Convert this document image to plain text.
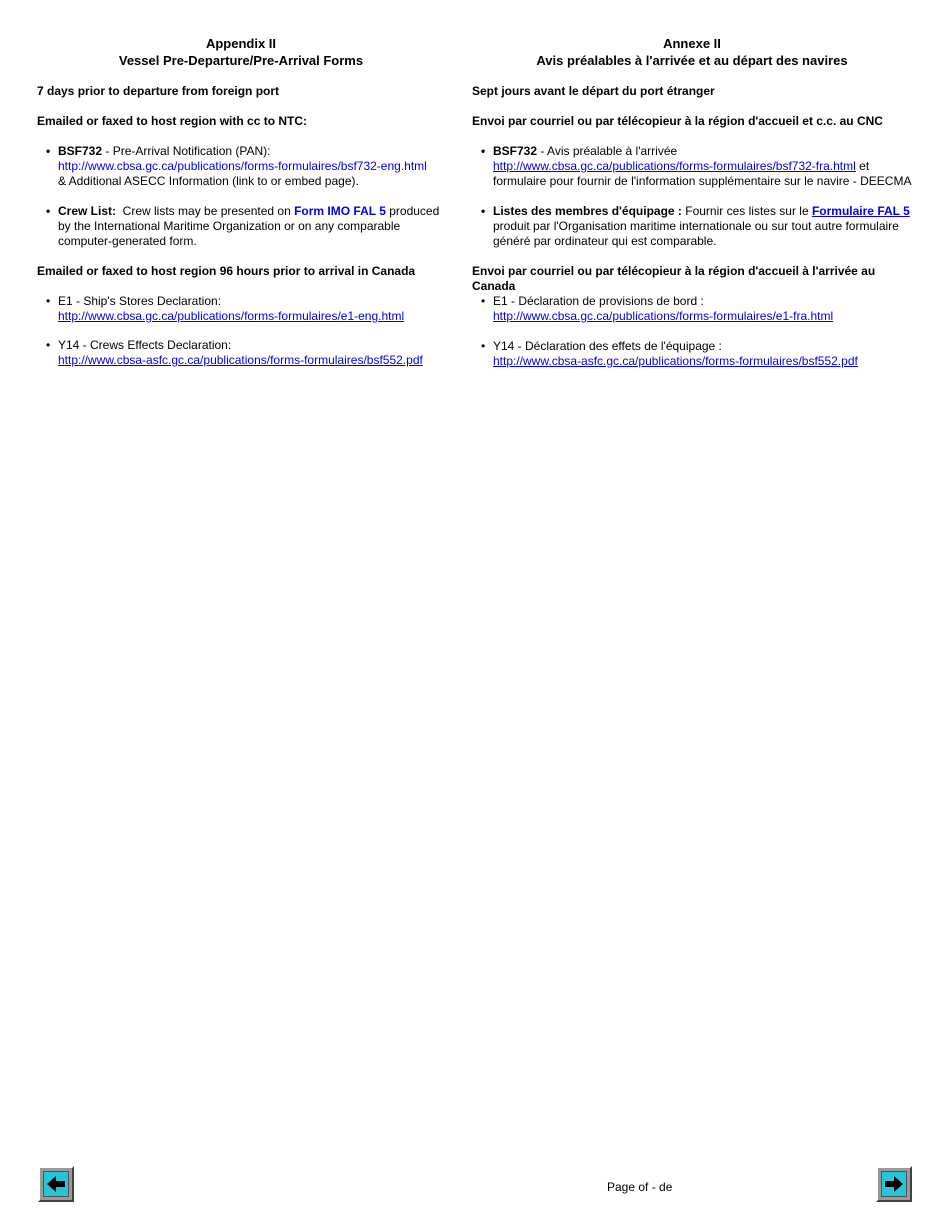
Appendix II

Vessel Pre-Departure/Pre-Arrival Forms

7 days prior to departure from foreign port

Emailed or faxed to host region with cc to NTC:

• BSF732 - Pre-Arrival Notification (PAN):
http://www.cbsa.gc.ca/publications/forms-formulaires/bsf732-eng.html
& Additional ASECC Information (link to or embed page).
• Crew List:  Crew lists may be presented on Form IMO FAL 5 produced by the International Maritime Organization or on any comparable computer-generated form.

Emailed or faxed to host region 96 hours prior to arrival in Canada

• E1 - Ship's Stores Declaration:
http://www.cbsa.gc.ca/publications/forms-formulaires/e1-eng.html
• Y14 - Crews Effects Declaration:
http://www.cbsa-asfc.gc.ca/publications/forms-formulaires/bsf552.pdf

Annexe II

Avis préalables à l'arrivée et au départ des navires

Sept jours avant le départ du port étranger

Envoi par courriel ou par télécopieur à la région d'accueil et c.c. au CNC

• BSF732 - Avis préalable à l'arrivée
http://www.cbsa.gc.ca/publications/forms-formulaires/bsf732-fra.html et formulaire pour fournir de l'information supplémentaire sur le navire - DEECMA
• Listes des membres d'équipage : Fournir ces listes sur le Formulaire FAL 5 produit par l'Organisation maritime internationale ou sur tout autre formulaire généré par ordinateur qui est comparable.

Envoi par courriel ou par télécopieur à la région d'accueil à l'arrivée au Canada

• E1 - Déclaration de provisions de bord :
http://www.cbsa.gc.ca/publications/forms-formulaires/e1-fra.html
• Y14 - Déclaration des effets de l'équipage :
http://www.cbsa-asfc.gc.ca/publications/forms-formulaires/bsf552.pdf
Page of - de
